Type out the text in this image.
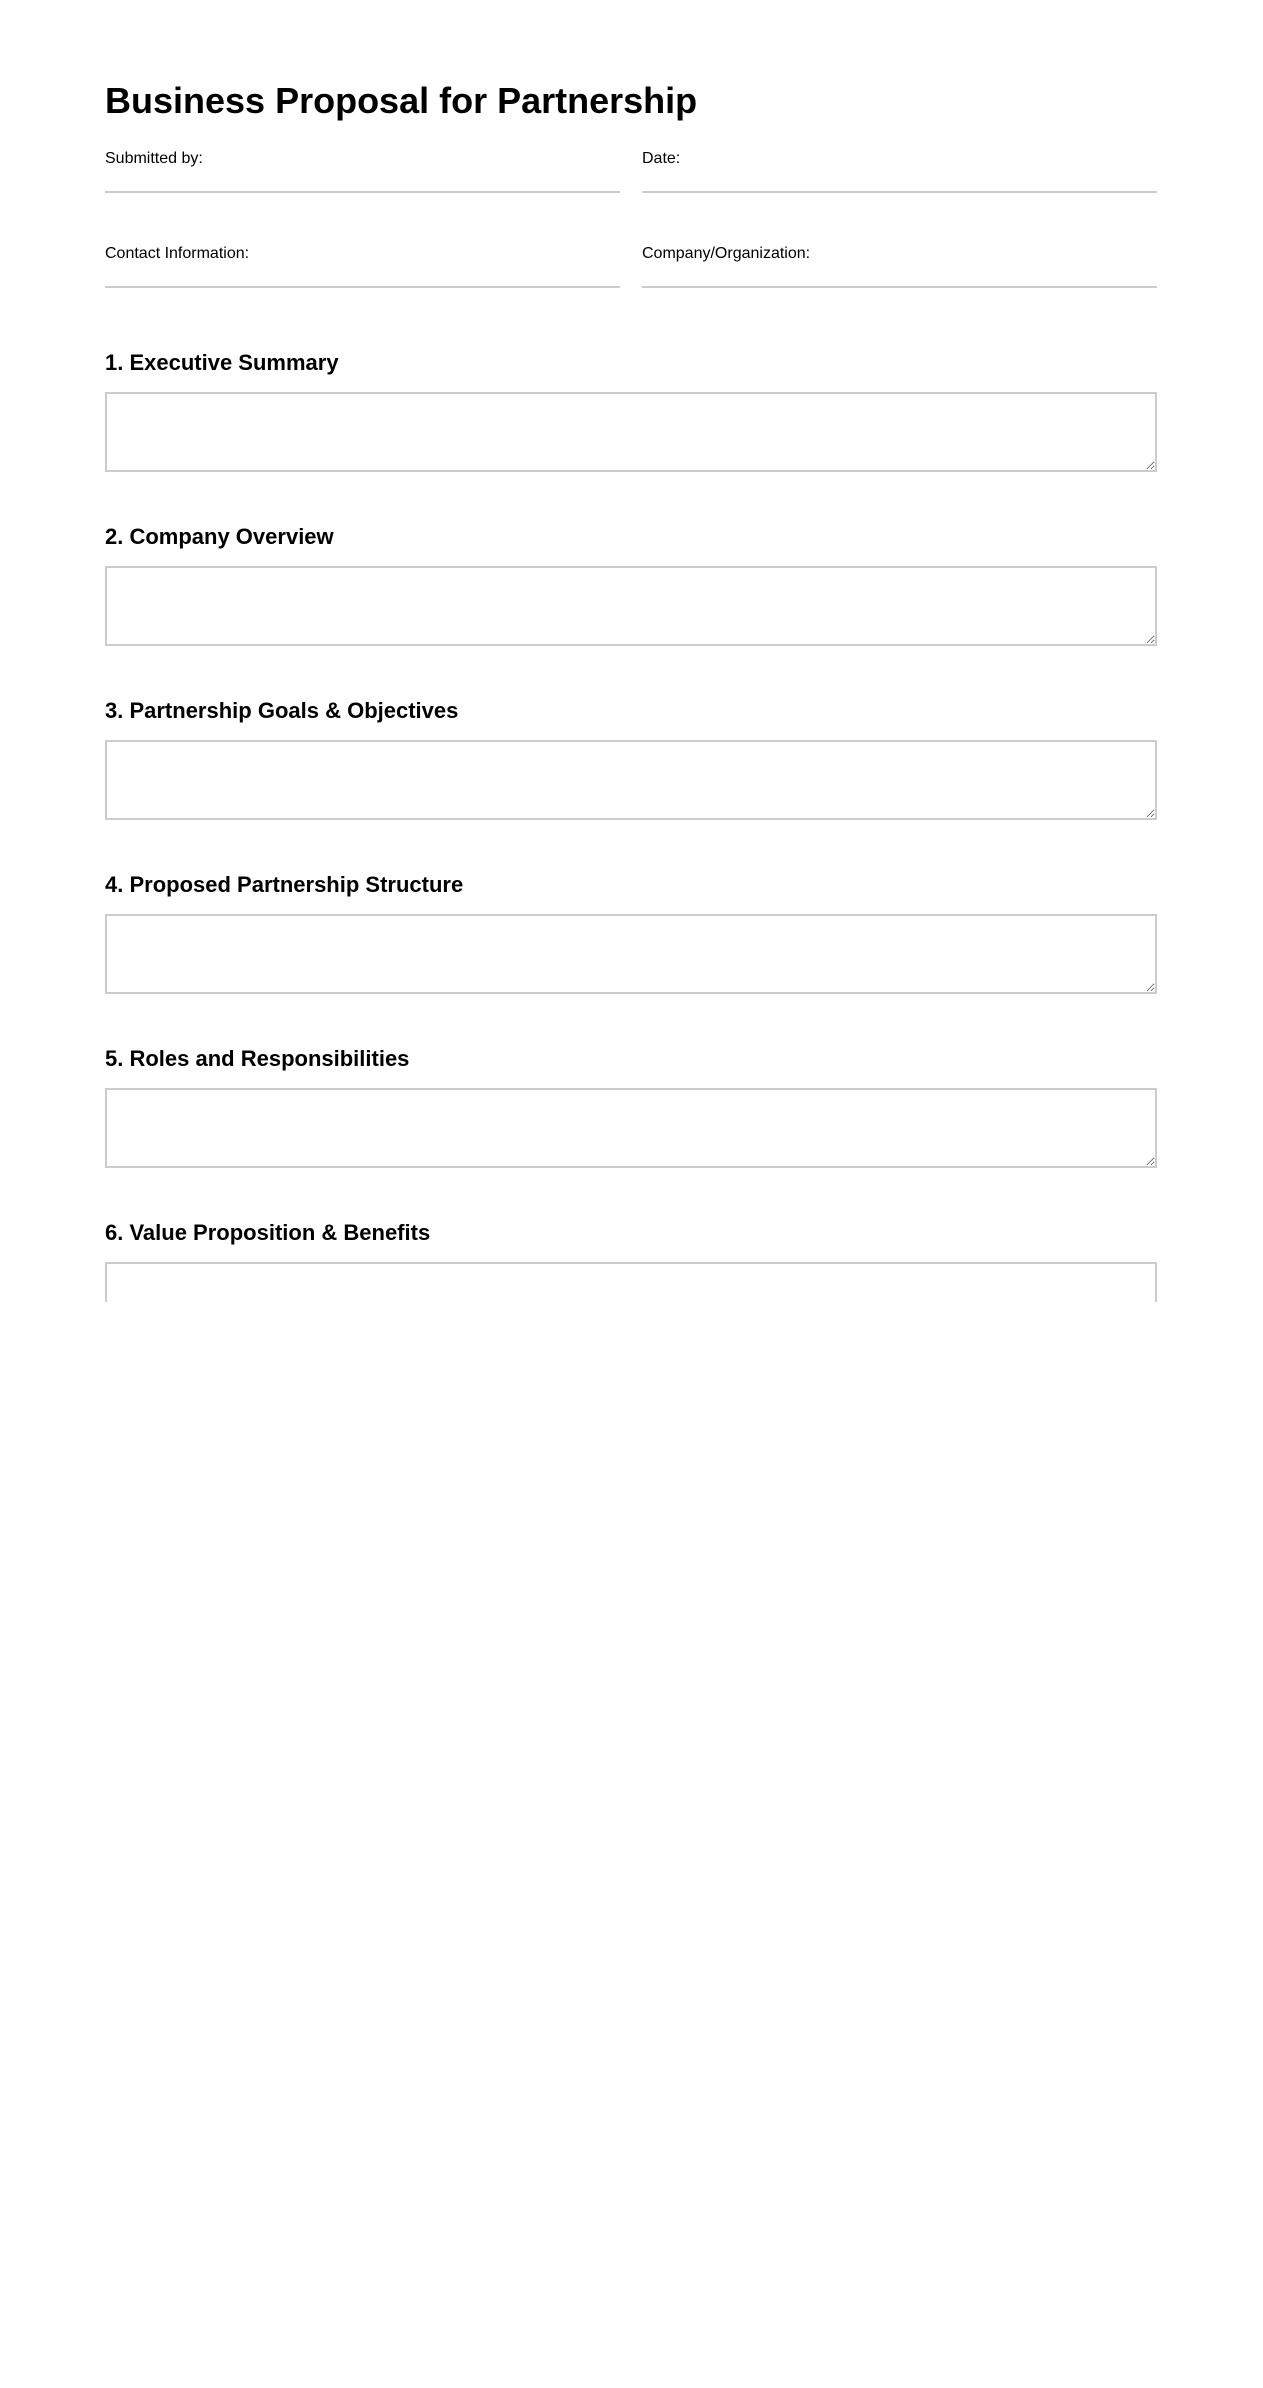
Business Proposal for Partnership
Submitted by:	Date:
Contact Information:	Company/Organization:
1. Executive Summary
2. Company Overview
3. Partnership Goals & Objectives
4. Proposed Partnership Structure
5. Roles and Responsibilities
6. Value Proposition & Benefits
